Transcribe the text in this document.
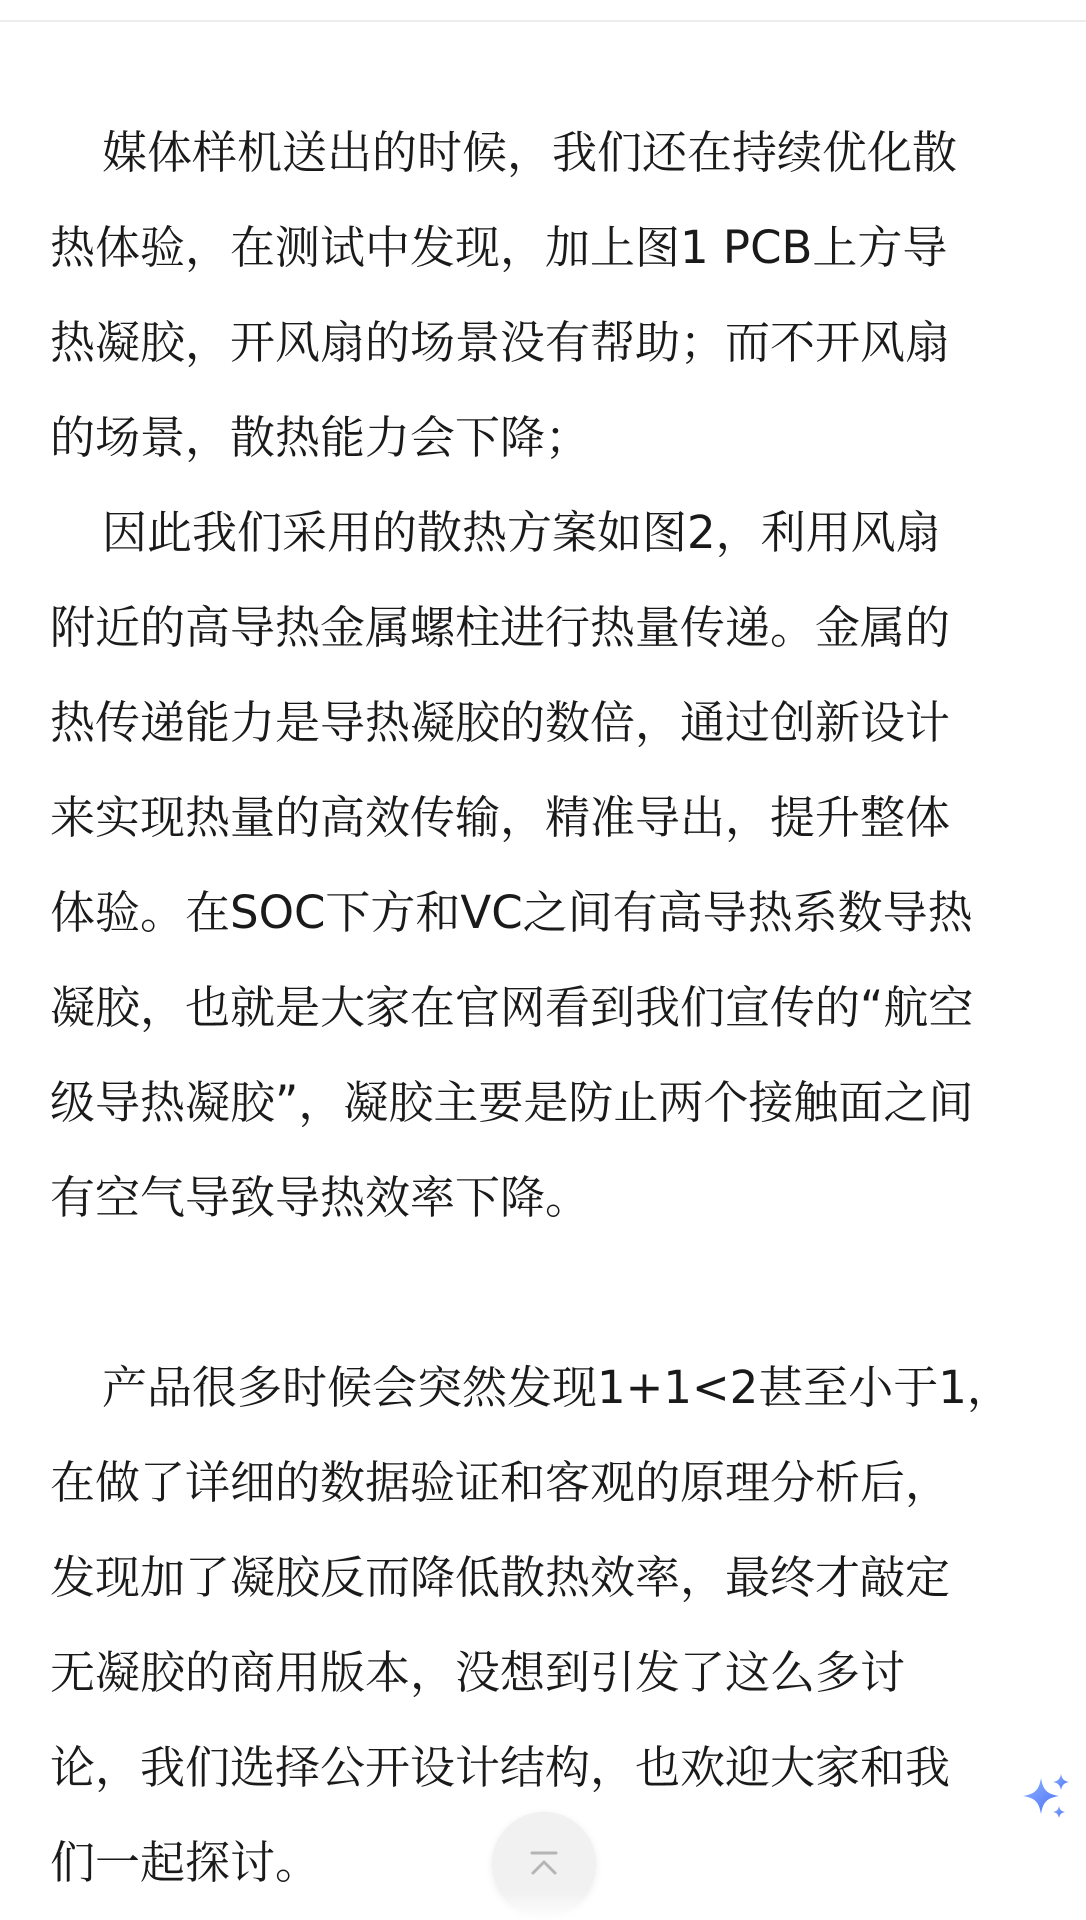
媒体样机送出的时候，我们还在持续优化散
热体验，在测试中发现，加上图1 PCB上方导
热凝胶，开风扇的场景没有帮助；而不开风扇
的场景，散热能力会下降；

因此我们采用的散热方案如图2，利用风扇
附近的高导热金属螺柱进行热量传递。金属的
热传递能力是导热凝胶的数倍，通过创新设计
来实现热量的高效传输，精准导出，提升整体
体验。在SOC下方和VC之间有高导热系数导热
凝胶，也就是大家在官网看到我们宣传的“航空
级导热凝胶”，凝胶主要是防止两个接触面之间
有空气导致导热效率下降。

产品很多时候会突然发现1+1<2甚至小于1，
在做了详细的数据验证和客观的原理分析后，
发现加了凝胶反而降低散热效率，最终才敲定
无凝胶的商用版本，没想到引发了这么多讨
论，我们选择公开设计结构，也欢迎大家和我
们一起探讨。
